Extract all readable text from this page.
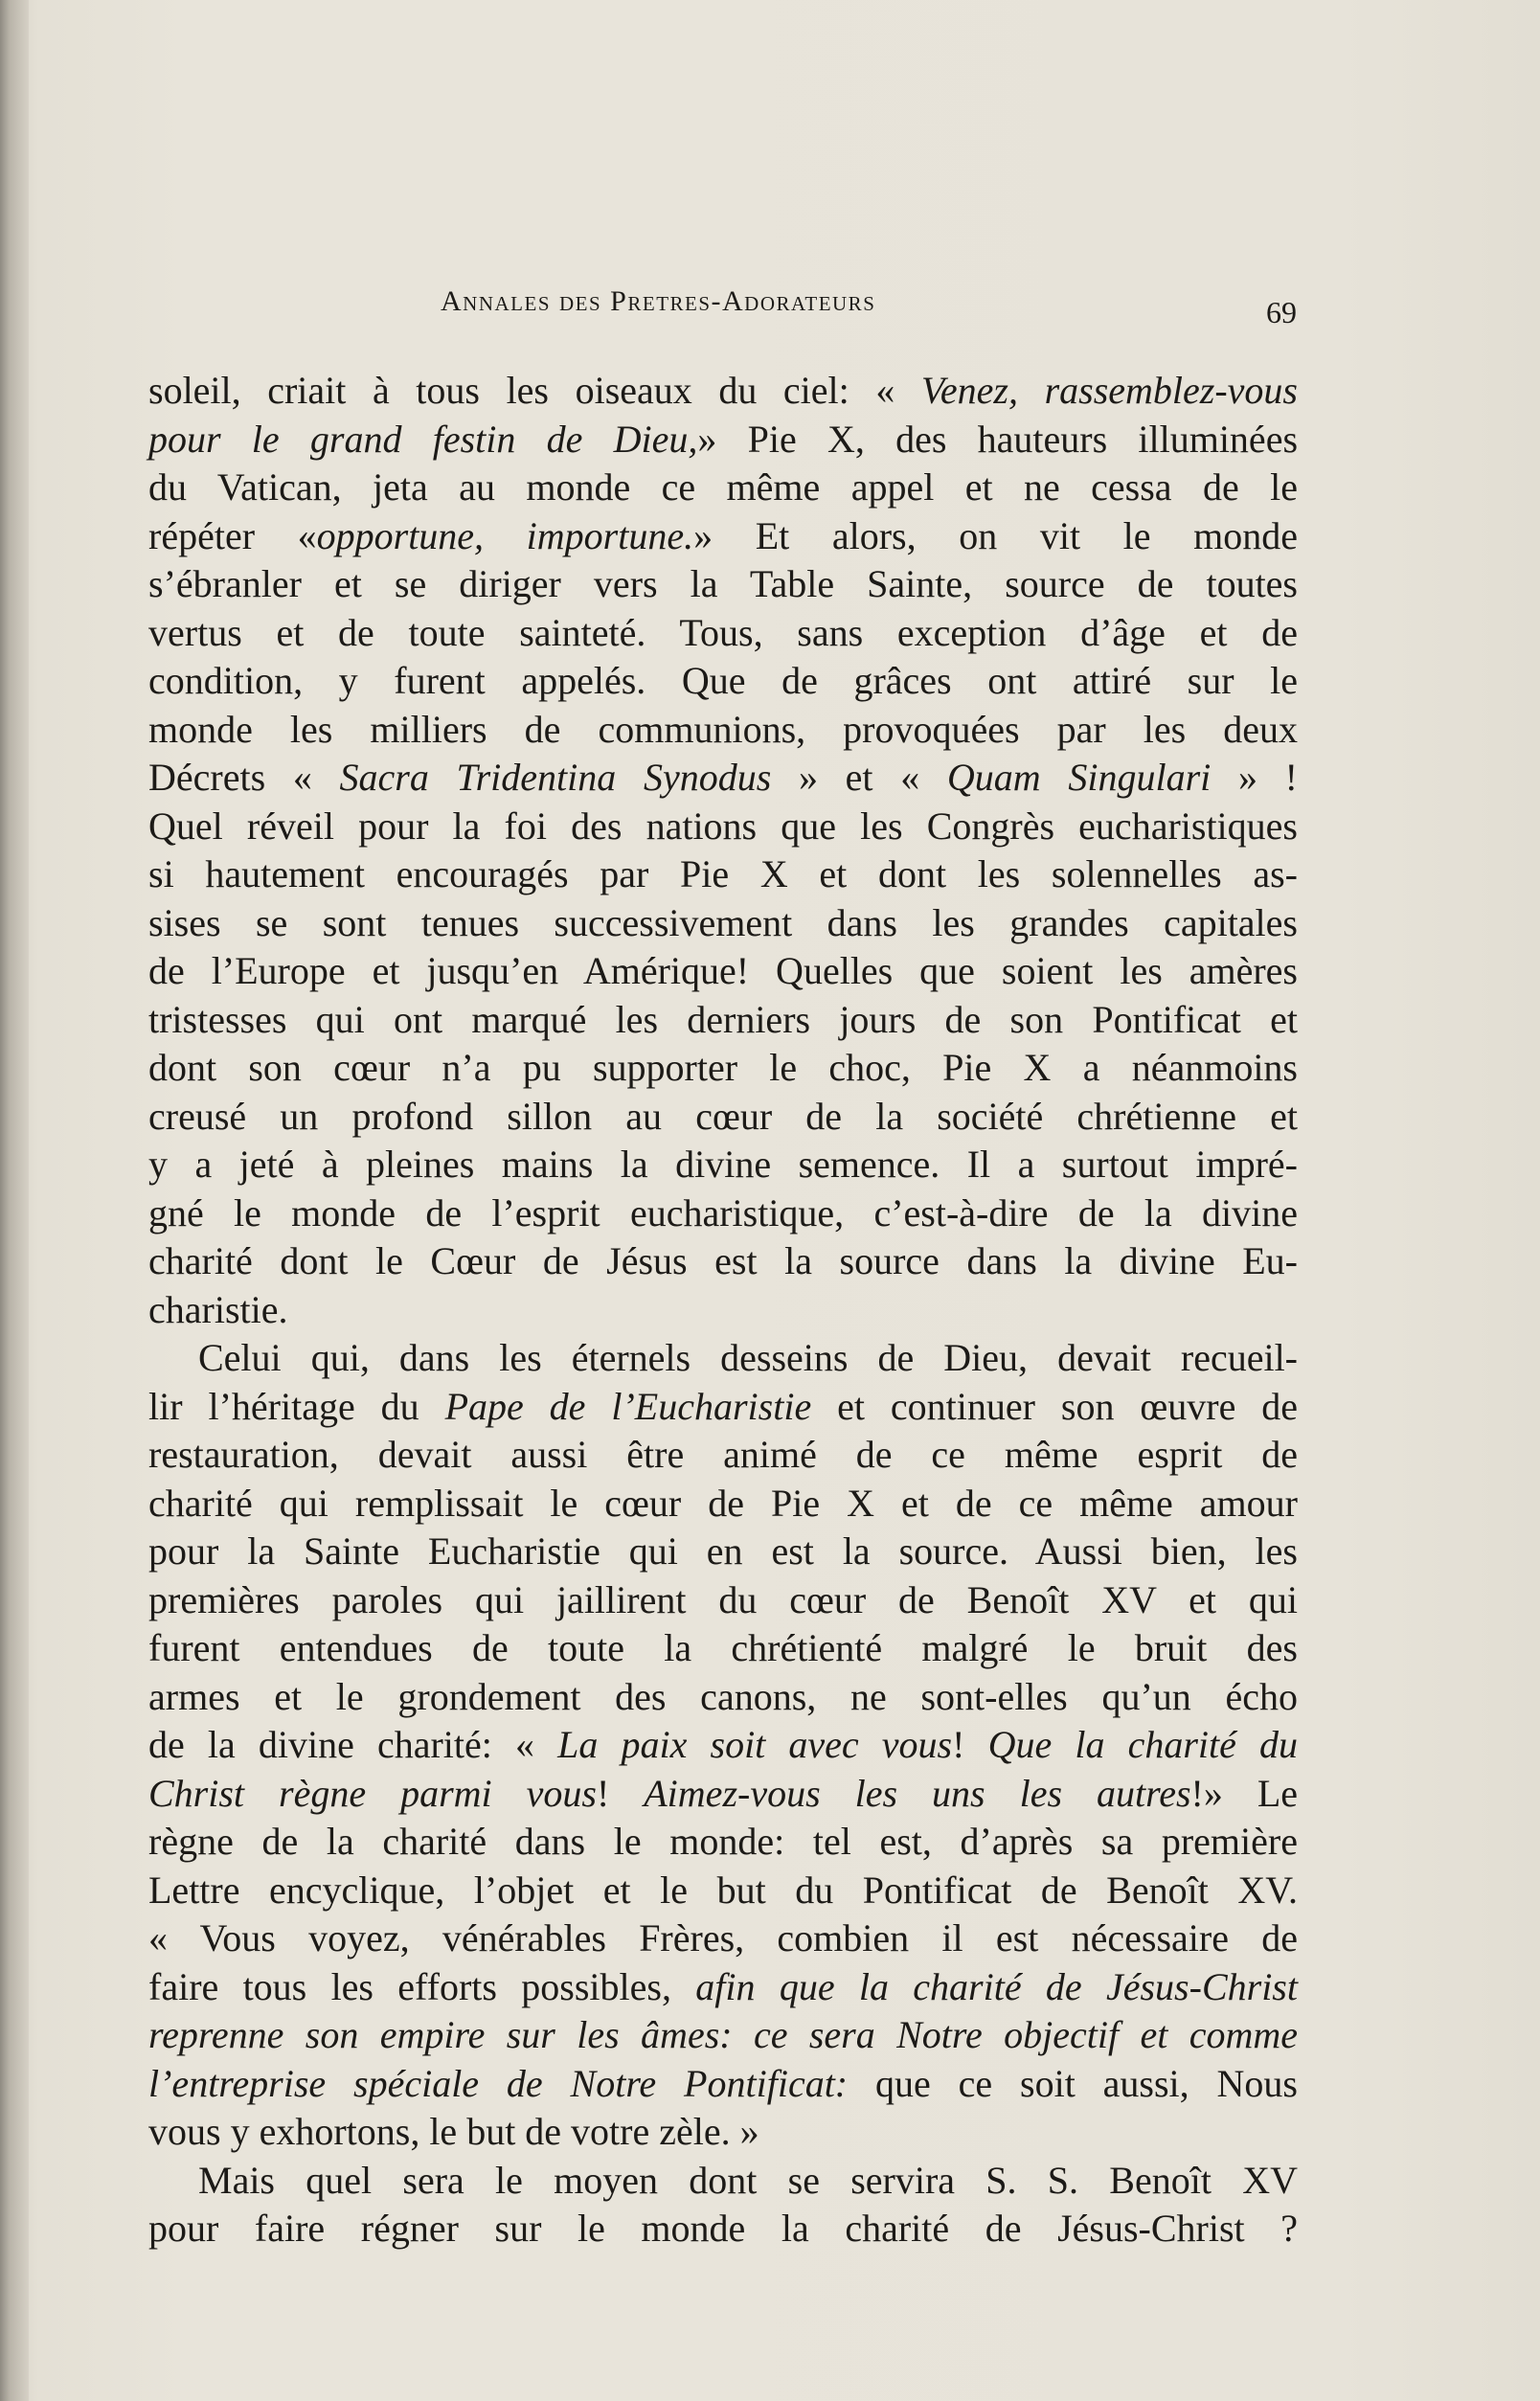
Annales des Pretres-Adorateurs	69
soleil, criait à tous les oiseaux du ciel: « Venez, rassemblez-vous
pour le grand festin de Dieu,» Pie X, des hauteurs illuminées
du Vatican, jeta au monde ce même appel et ne cessa de le
répéter «opportune, importune.» Et alors, on vit le monde
s’ébranler et se diriger vers la Table Sainte, source de toutes
vertus et de toute sainteté. Tous, sans exception d’âge et de
condition, y furent appelés. Que de grâces ont attiré sur le
monde les milliers de communions, provoquées par les deux
Décrets « Sacra Tridentina Synodus » et « Quam Singulari » !
Quel réveil pour la foi des nations que les Congrès eucharistiques
si hautement encouragés par Pie X et dont les solennelles as-
sises se sont tenues successivement dans les grandes capitales
de l’Europe et jusqu’en Amérique! Quelles que soient les amères
tristesses qui ont marqué les derniers jours de son Pontificat et
dont son cœur n’a pu supporter le choc, Pie X a néanmoins
creusé un profond sillon au cœur de la société chrétienne et
y a jeté à pleines mains la divine semence. Il a surtout impré-
gné le monde de l’esprit eucharistique, c’est-à-dire de la divine
charité dont le Cœur de Jésus est la source dans la divine Eu-
charistie.
Celui qui, dans les éternels desseins de Dieu, devait recueil-
lir l’héritage du Pape de l’Eucharistie et continuer son œuvre de
restauration, devait aussi être animé de ce même esprit de
charité qui remplissait le cœur de Pie X et de ce même amour
pour la Sainte Eucharistie qui en est la source. Aussi bien, les
premières paroles qui jaillirent du cœur de Benoît XV et qui
furent entendues de toute la chrétienté malgré le bruit des
armes et le grondement des canons, ne sont-elles qu’un écho
de la divine charité: « La paix soit avec vous! Que la charité du
Christ règne parmi vous! Aimez-vous les uns les autres!» Le
règne de la charité dans le monde: tel est, d’après sa première
Lettre encyclique, l’objet et le but du Pontificat de Benoît XV.
« Vous voyez, vénérables Frères, combien il est nécessaire de
faire tous les efforts possibles, afin que la charité de Jésus-Christ
reprenne son empire sur les âmes: ce sera Notre objectif et comme
l’entreprise spéciale de Notre Pontificat: que ce soit aussi, Nous
vous y exhortons, le but de votre zèle. »
Mais quel sera le moyen dont se servira S. S. Benoît XV
pour faire régner sur le monde la charité de Jésus-Christ ?
